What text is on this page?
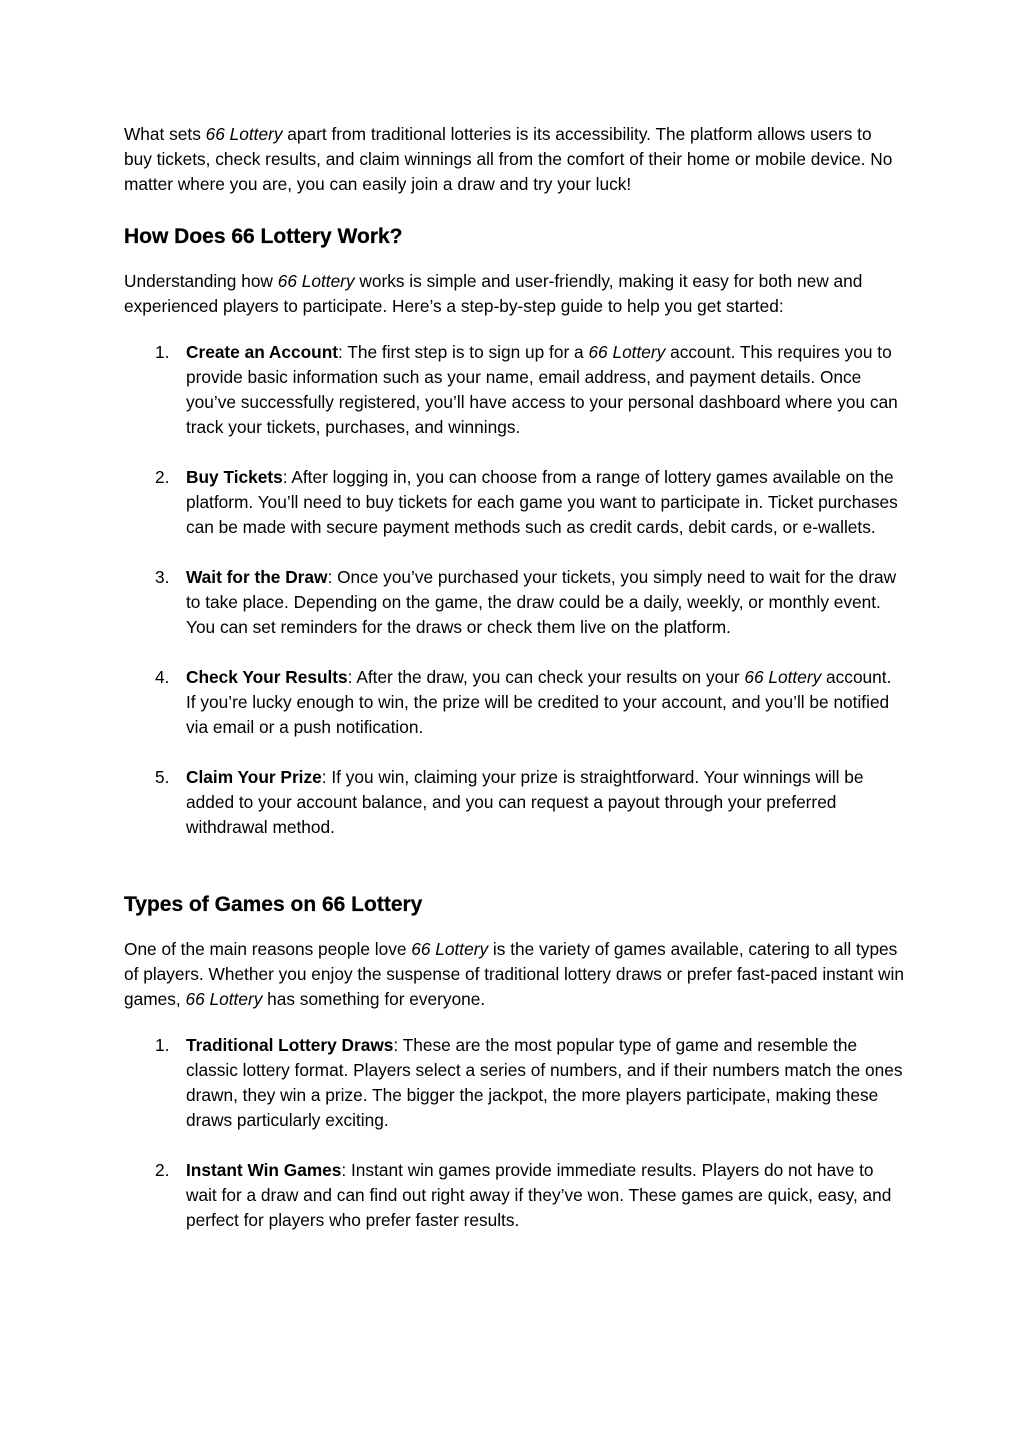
What sets 66 Lottery apart from traditional lotteries is its accessibility. The platform allows users to buy tickets, check results, and claim winnings all from the comfort of their home or mobile device. No matter where you are, you can easily join a draw and try your luck!

How Does 66 Lottery Work?

Understanding how 66 Lottery works is simple and user-friendly, making it easy for both new and experienced players to participate. Here’s a step-by-step guide to help you get started:

1. Create an Account: The first step is to sign up for a 66 Lottery account. This requires you to provide basic information such as your name, email address, and payment details. Once you’ve successfully registered, you’ll have access to your personal dashboard where you can track your tickets, purchases, and winnings.
2. Buy Tickets: After logging in, you can choose from a range of lottery games available on the platform. You’ll need to buy tickets for each game you want to participate in. Ticket purchases can be made with secure payment methods such as credit cards, debit cards, or e-wallets.
3. Wait for the Draw: Once you’ve purchased your tickets, you simply need to wait for the draw to take place. Depending on the game, the draw could be a daily, weekly, or monthly event. You can set reminders for the draws or check them live on the platform.
4. Check Your Results: After the draw, you can check your results on your 66 Lottery account. If you’re lucky enough to win, the prize will be credited to your account, and you’ll be notified via email or a push notification.
5. Claim Your Prize: If you win, claiming your prize is straightforward. Your winnings will be added to your account balance, and you can request a payout through your preferred withdrawal method.
Types of Games on 66 Lottery

One of the main reasons people love 66 Lottery is the variety of games available, catering to all types of players. Whether you enjoy the suspense of traditional lottery draws or prefer fast-paced instant win games, 66 Lottery has something for everyone.

1. Traditional Lottery Draws: These are the most popular type of game and resemble the classic lottery format. Players select a series of numbers, and if their numbers match the ones drawn, they win a prize. The bigger the jackpot, the more players participate, making these draws particularly exciting.
2. Instant Win Games: Instant win games provide immediate results. Players do not have to wait for a draw and can find out right away if they’ve won. These games are quick, easy, and perfect for players who prefer faster results.
